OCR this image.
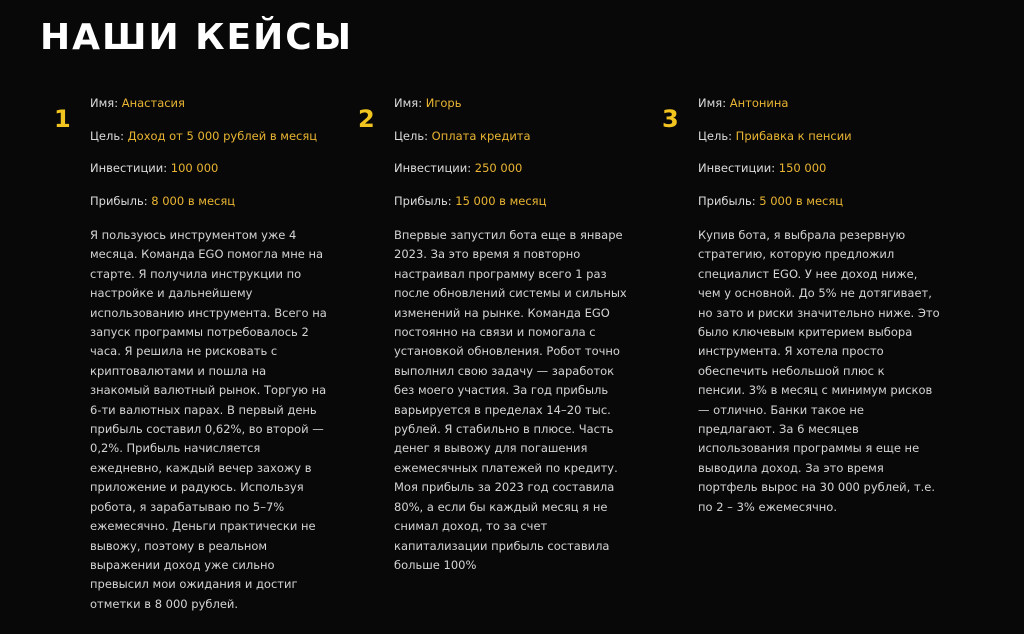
НАШИ КЕЙСЫ
1
Имя: Анастасия
Цель: Доход от 5 000 рублей в месяц
Инвестиции: 100 000
Прибыль: 8 000 в месяц
Я пользуюсь инструментом уже 4
месяца. Команда EGO помогла мне на
старте. Я получила инструкции по
настройке и дальнейшему
использованию инструмента. Всего на
запуск программы потребовалось 2
часа. Я решила не рисковать с
криптовалютами и пошла на
знакомый валютный рынок. Торгую на
6-ти валютных парах. В первый день
прибыль составил 0,62%, во второй —
0,2%. Прибыль начисляется
ежедневно, каждый вечер захожу в
приложение и радуюсь. Используя
робота, я зарабатываю по 5–7%
ежемесячно. Деньги практически не
вывожу, поэтому в реальном
выражении доход уже сильно
превысил мои ожидания и достиг
отметки в 8 000 рублей.
2
Имя: Игорь
Цель: Оплата кредита
Инвестиции: 250 000
Прибыль: 15 000 в месяц
Впервые запустил бота еще в январе
2023. За это время я повторно
настраивал программу всего 1 раз
после обновлений системы и сильных
изменений на рынке. Команда EGO
постоянно на связи и помогала с
установкой обновления. Робот точно
выполнил свою задачу — заработок
без моего участия. За год прибыль
варьируется в пределах 14–20 тыс.
рублей. Я стабильно в плюсе. Часть
денег я вывожу для погашения
ежемесячных платежей по кредиту.
Моя прибыль за 2023 год составила
80%, а если бы каждый месяц я не
снимал доход, то за счет
капитализации прибыль составила
больше 100%
3
Имя: Антонина
Цель: Прибавка к пенсии
Инвестиции: 150 000
Прибыль: 5 000 в месяц
Купив бота, я выбрала резервную
стратегию, которую предложил
специалист EGO. У нее доход ниже,
чем у основной. До 5% не дотягивает,
но зато и риски значительно ниже. Это
было ключевым критерием выбора
инструмента. Я хотела просто
обеспечить небольшой плюс к
пенсии. 3% в месяц с минимум рисков
— отлично. Банки такое не
предлагают. За 6 месяцев
использования программы я еще не
выводила доход. За это время
портфель вырос на 30 000 рублей, т.е.
по 2 – 3% ежемесячно.
